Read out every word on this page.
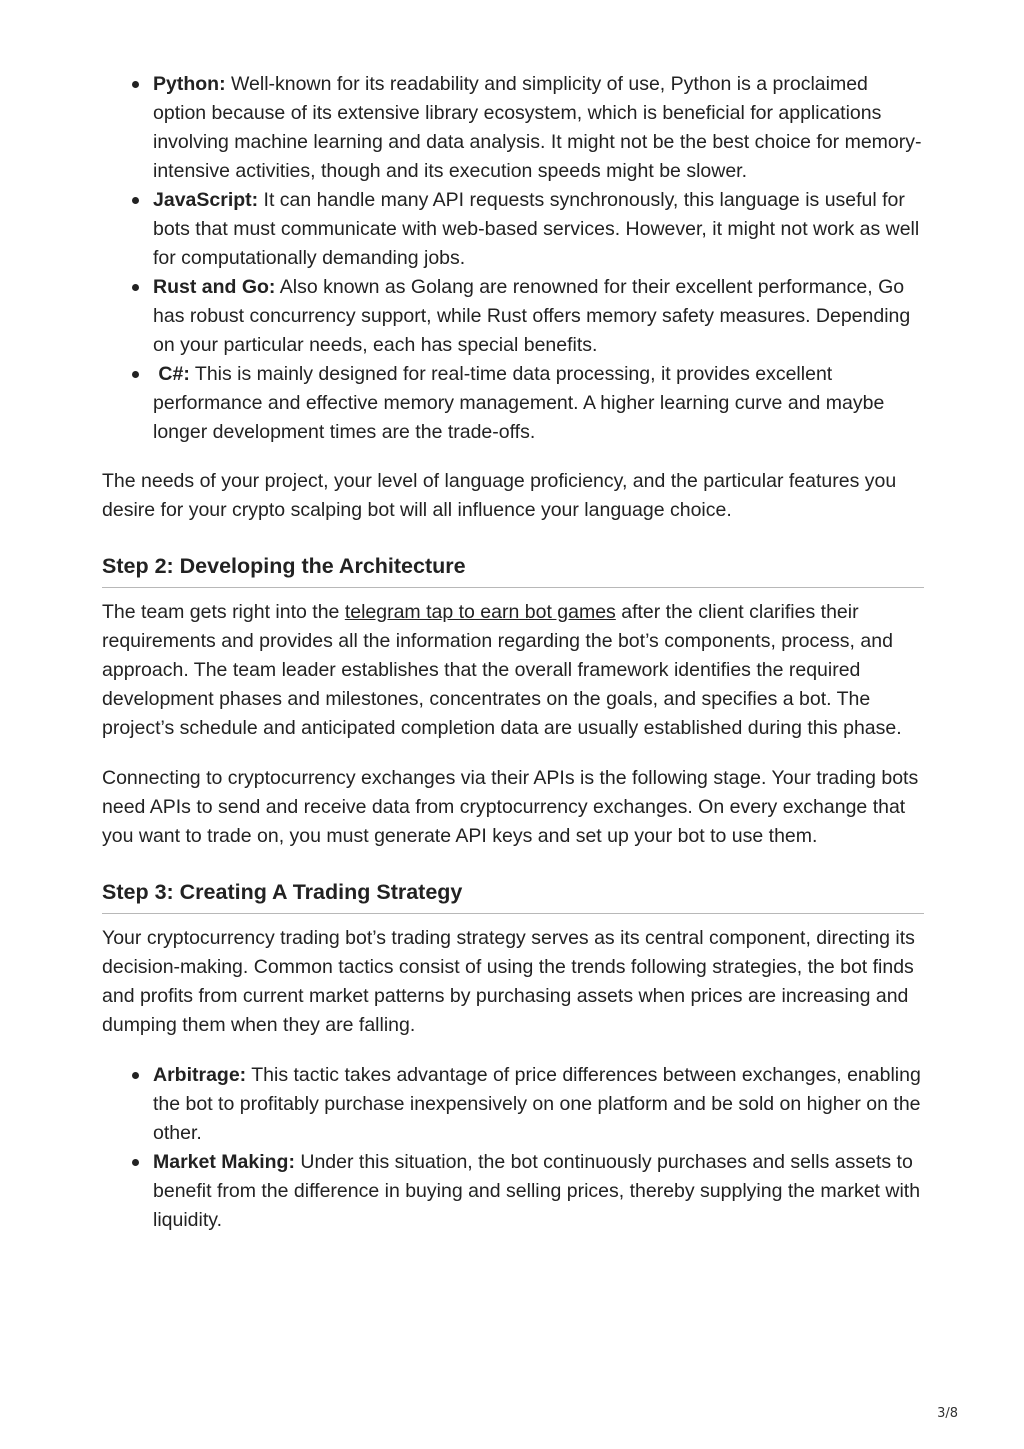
Python: Well-known for its readability and simplicity of use, Python is a proclaimed option because of its extensive library ecosystem, which is beneficial for applications involving machine learning and data analysis. It might not be the best choice for memory-intensive activities, though and its execution speeds might be slower.
JavaScript: It can handle many API requests synchronously, this language is useful for bots that must communicate with web-based services. However, it might not work as well for computationally demanding jobs.
Rust and Go: Also known as Golang are renowned for their excellent performance, Go has robust concurrency support, while Rust offers memory safety measures. Depending on your particular needs, each has special benefits.
C#: This is mainly designed for real-time data processing, it provides excellent performance and effective memory management. A higher learning curve and maybe longer development times are the trade-offs.

The needs of your project, your level of language proficiency, and the particular features you desire for your crypto scalping bot will all influence your language choice.

Step 2: Developing the Architecture

The team gets right into the telegram tap to earn bot games after the client clarifies their requirements and provides all the information regarding the bot’s components, process, and approach. The team leader establishes that the overall framework identifies the required development phases and milestones, concentrates on the goals, and specifies a bot. The project’s schedule and anticipated completion data are usually established during this phase.

Connecting to cryptocurrency exchanges via their APIs is the following stage. Your trading bots need APIs to send and receive data from cryptocurrency exchanges. On every exchange that you want to trade on, you must generate API keys and set up your bot to use them.

Step 3: Creating A Trading Strategy

Your cryptocurrency trading bot’s trading strategy serves as its central component, directing its decision-making. Common tactics consist of using the trends following strategies, the bot finds and profits from current market patterns by purchasing assets when prices are increasing and dumping them when they are falling.

Arbitrage: This tactic takes advantage of price differences between exchanges, enabling the bot to profitably purchase inexpensively on one platform and be sold on higher on the other.
Market Making: Under this situation, the bot continuously purchases and sells assets to benefit from the difference in buying and selling prices, thereby supplying the market with liquidity.
3/8
